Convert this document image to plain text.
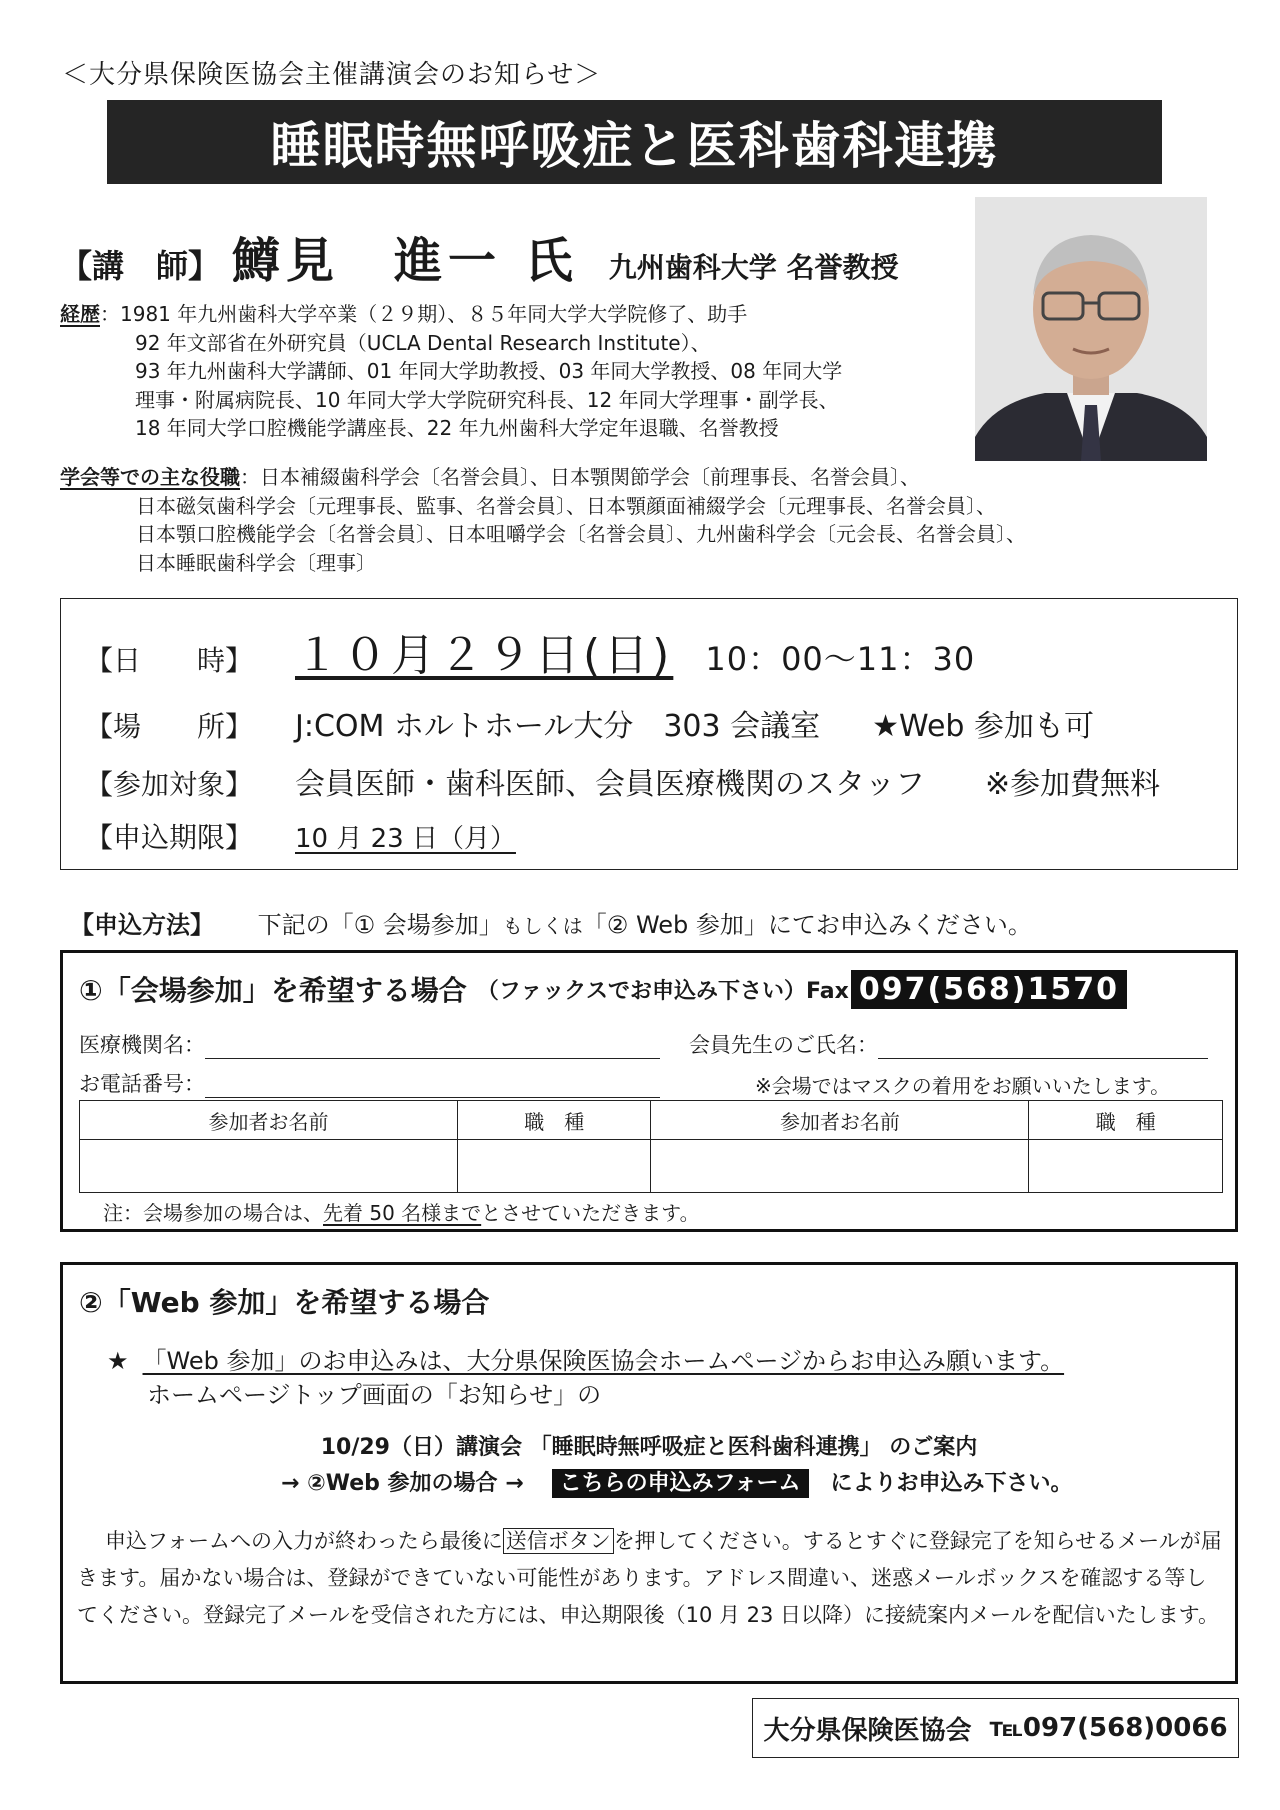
＜大分県保険医協会主催講演会のお知らせ＞
睡眠時無呼吸症と医科歯科連携
【講　師】 鱒見　進一 氏 九州歯科大学 名誉教授
経歴：1981 年九州歯科大学卒業（２９期）、８５年同大学大学院修了、助手
92 年文部省在外研究員（UCLA Dental Research Institute）、
93 年九州歯科大学講師、01 年同大学助教授、03 年同大学教授、08 年同大学
理事・附属病院長、10 年同大学大学院研究科長、12 年同大学理事・副学長、
18 年同大学口腔機能学講座長、22 年九州歯科大学定年退職、名誉教授
学会等での主な役職：日本補綴歯科学会〔名誉会員〕、日本顎関節学会〔前理事長、名誉会員〕、
日本磁気歯科学会〔元理事長、監事、名誉会員〕、日本顎顔面補綴学会〔元理事長、名誉会員〕、
日本顎口腔機能学会〔名誉会員〕、日本咀嚼学会〔名誉会員〕、九州歯科学会〔元会長、名誉会員〕、
日本睡眠歯科学会〔理事〕
【日　　時】 １０月２９日(日) 10：00～11：30
【場　　所】	J:COM ホルトホール大分　303 会議室 ★Web 参加も可
【参加対象】	会員医師・歯科医師、会員医療機関のスタッフ ※参加費無料
【申込期限】	10 月 23 日（月）
【申込方法】 下記の「① 会場参加」もしくは「② Web 参加」にてお申込みください。
①「会場参加」を希望する場合 （ファックスでお申込み下さい）Fax 097(568)1570
医療機関名：	会員先生のご氏名：
お電話番号：	※会場ではマスクの着用をお願いいたします。
参加者お名前	職　種	参加者お名前	職　種

注：会場参加の場合は、先着 50 名様までとさせていただきます。
②「Web 参加」を希望する場合
★ 「Web 参加」のお申込みは、大分県保険医協会ホームページからお申込み願います。
ホームページトップ画面の「お知らせ」の
10/29（日）講演会 「睡眠時無呼吸症と医科歯科連携」 のご案内
→ ②Web 参加の場合 → こちらの申込みフォーム によりお申込み下さい。
申込フォームへの入力が終わったら最後に 送信ボタン を押してください。するとすぐに登録完了を知らせるメールが届きます。届かない場合は、登録ができていない可能性があります。アドレス間違い、迷惑メールボックスを確認する等してください。登録完了メールを受信された方には、申込期限後（10 月 23 日以降）に接続案内メールを配信いたします。
大分県保険医協会
℡097(568)0066
